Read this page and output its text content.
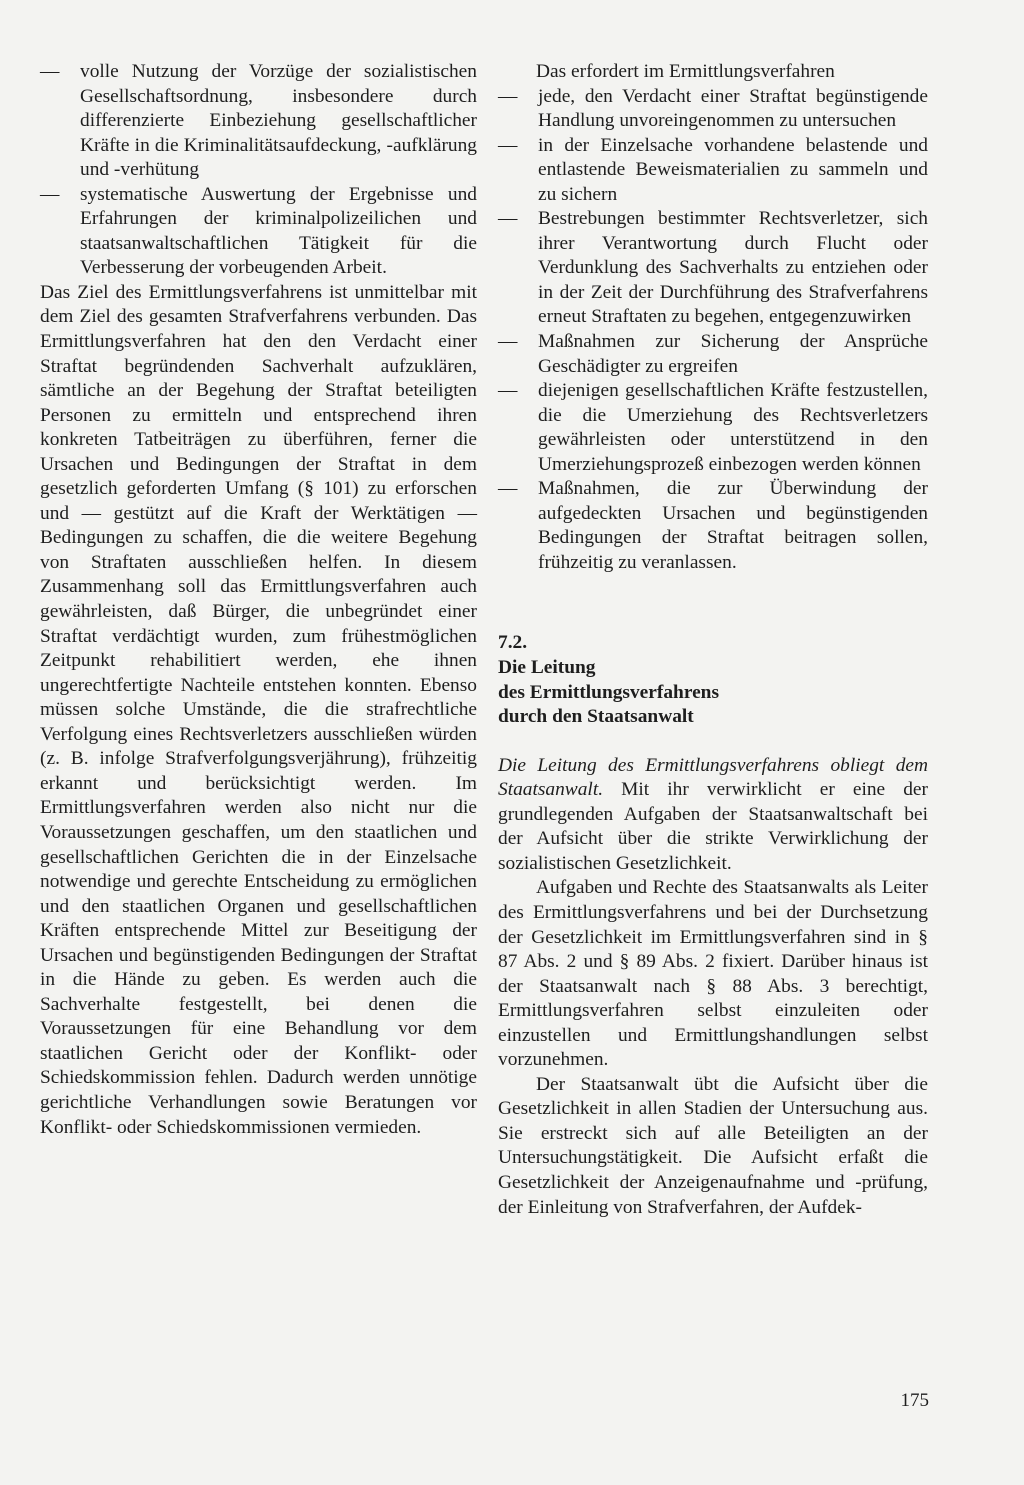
—	volle Nutzung der Vorzüge der sozialistischen Gesellschaftsordnung, insbesondere durch differenzierte Einbeziehung gesellschaftlicher Kräfte in die Kriminalitätsaufdeckung, -aufklärung und -verhütung
—	systematische Auswertung der Ergebnisse und Erfahrungen der kriminalpolizeilichen und staatsanwaltschaftlichen Tätigkeit für die Verbesserung der vorbeugenden Arbeit.

Das Ziel des Ermittlungsverfahrens ist unmittelbar mit dem Ziel des gesamten Strafverfahrens verbunden. Das Ermittlungsverfahren hat den den Verdacht einer Straftat begründenden Sachverhalt aufzuklären, sämtliche an der Begehung der Straftat beteiligten Personen zu ermitteln und entsprechend ihren konkreten Tatbeiträgen zu überführen, ferner die Ursachen und Bedingungen der Straftat in dem gesetzlich geforderten Umfang (§ 101) zu erforschen und — gestützt auf die Kraft der Werktätigen — Bedingungen zu schaffen, die die weitere Begehung von Straftaten ausschließen helfen. In diesem Zusammenhang soll das Ermittlungsverfahren auch gewährleisten, daß Bürger, die unbegründet einer Straftat verdächtigt wurden, zum frühestmöglichen Zeitpunkt rehabilitiert werden, ehe ihnen ungerechtfertigte Nachteile entstehen konnten. Ebenso müssen solche Umstände, die die strafrechtliche Verfolgung eines Rechtsverletzers ausschließen würden (z. B. infolge Strafverfolgungsverjährung), frühzeitig erkannt und berücksichtigt werden. Im Ermittlungsverfahren werden also nicht nur die Voraussetzungen geschaffen, um den staatlichen und gesellschaftlichen Gerichten die in der Einzelsache notwendige und gerechte Entscheidung zu ermöglichen und den staatlichen Organen und gesellschaftlichen Kräften entsprechende Mittel zur Beseitigung der Ursachen und begünstigenden Bedingungen der Straftat in die Hände zu geben. Es werden auch die Sachverhalte festgestellt, bei denen die Voraussetzungen für eine Behandlung vor dem staatlichen Gericht oder der Konflikt- oder Schiedskommission fehlen. Dadurch werden unnötige gerichtliche Verhandlungen sowie Beratungen vor Konflikt- oder Schiedskommissionen vermieden.

Das erfordert im Ermittlungsverfahren

—	jede, den Verdacht einer Straftat begünstigende Handlung unvoreingenommen zu untersuchen
—	in der Einzelsache vorhandene belastende und entlastende Beweismaterialien zu sammeln und zu sichern
—	Bestrebungen bestimmter Rechtsverletzer, sich ihrer Verantwortung durch Flucht oder Verdunklung des Sachverhalts zu entziehen oder in der Zeit der Durchführung des Strafverfahrens erneut Straftaten zu begehen, entgegenzuwirken
—	Maßnahmen zur Sicherung der Ansprüche Geschädigter zu ergreifen
—	diejenigen gesellschaftlichen Kräfte festzustellen, die die Umerziehung des Rechtsverletzers gewährleisten oder unterstützend in den Umerziehungsprozeß einbezogen werden können
—	Maßnahmen, die zur Überwindung der aufgedeckten Ursachen und begünstigenden Bedingungen der Straftat beitragen sollen, frühzeitig zu veranlassen.
7.2.
Die Leitung
des Ermittlungsverfahrens
durch den Staatsanwalt

Die Leitung des Ermittlungsverfahrens obliegt dem Staatsanwalt. Mit ihr verwirklicht er eine der grundlegenden Aufgaben der Staatsanwaltschaft bei der Aufsicht über die strikte Verwirklichung der sozialistischen Gesetzlichkeit.

Aufgaben und Rechte des Staatsanwalts als Leiter des Ermittlungsverfahrens und bei der Durchsetzung der Gesetzlichkeit im Ermittlungsverfahren sind in § 87 Abs. 2 und § 89 Abs. 2 fixiert. Darüber hinaus ist der Staatsanwalt nach § 88 Abs. 3 berechtigt, Ermittlungsverfahren selbst einzuleiten oder einzustellen und Ermittlungshandlungen selbst vorzunehmen.

Der Staatsanwalt übt die Aufsicht über die Gesetzlichkeit in allen Stadien der Untersuchung aus. Sie erstreckt sich auf alle Beteiligten an der Untersuchungstätigkeit. Die Aufsicht erfaßt die Gesetzlichkeit der Anzeigenaufnahme und -prüfung, der Einleitung von Strafverfahren, der Aufdek-

175
